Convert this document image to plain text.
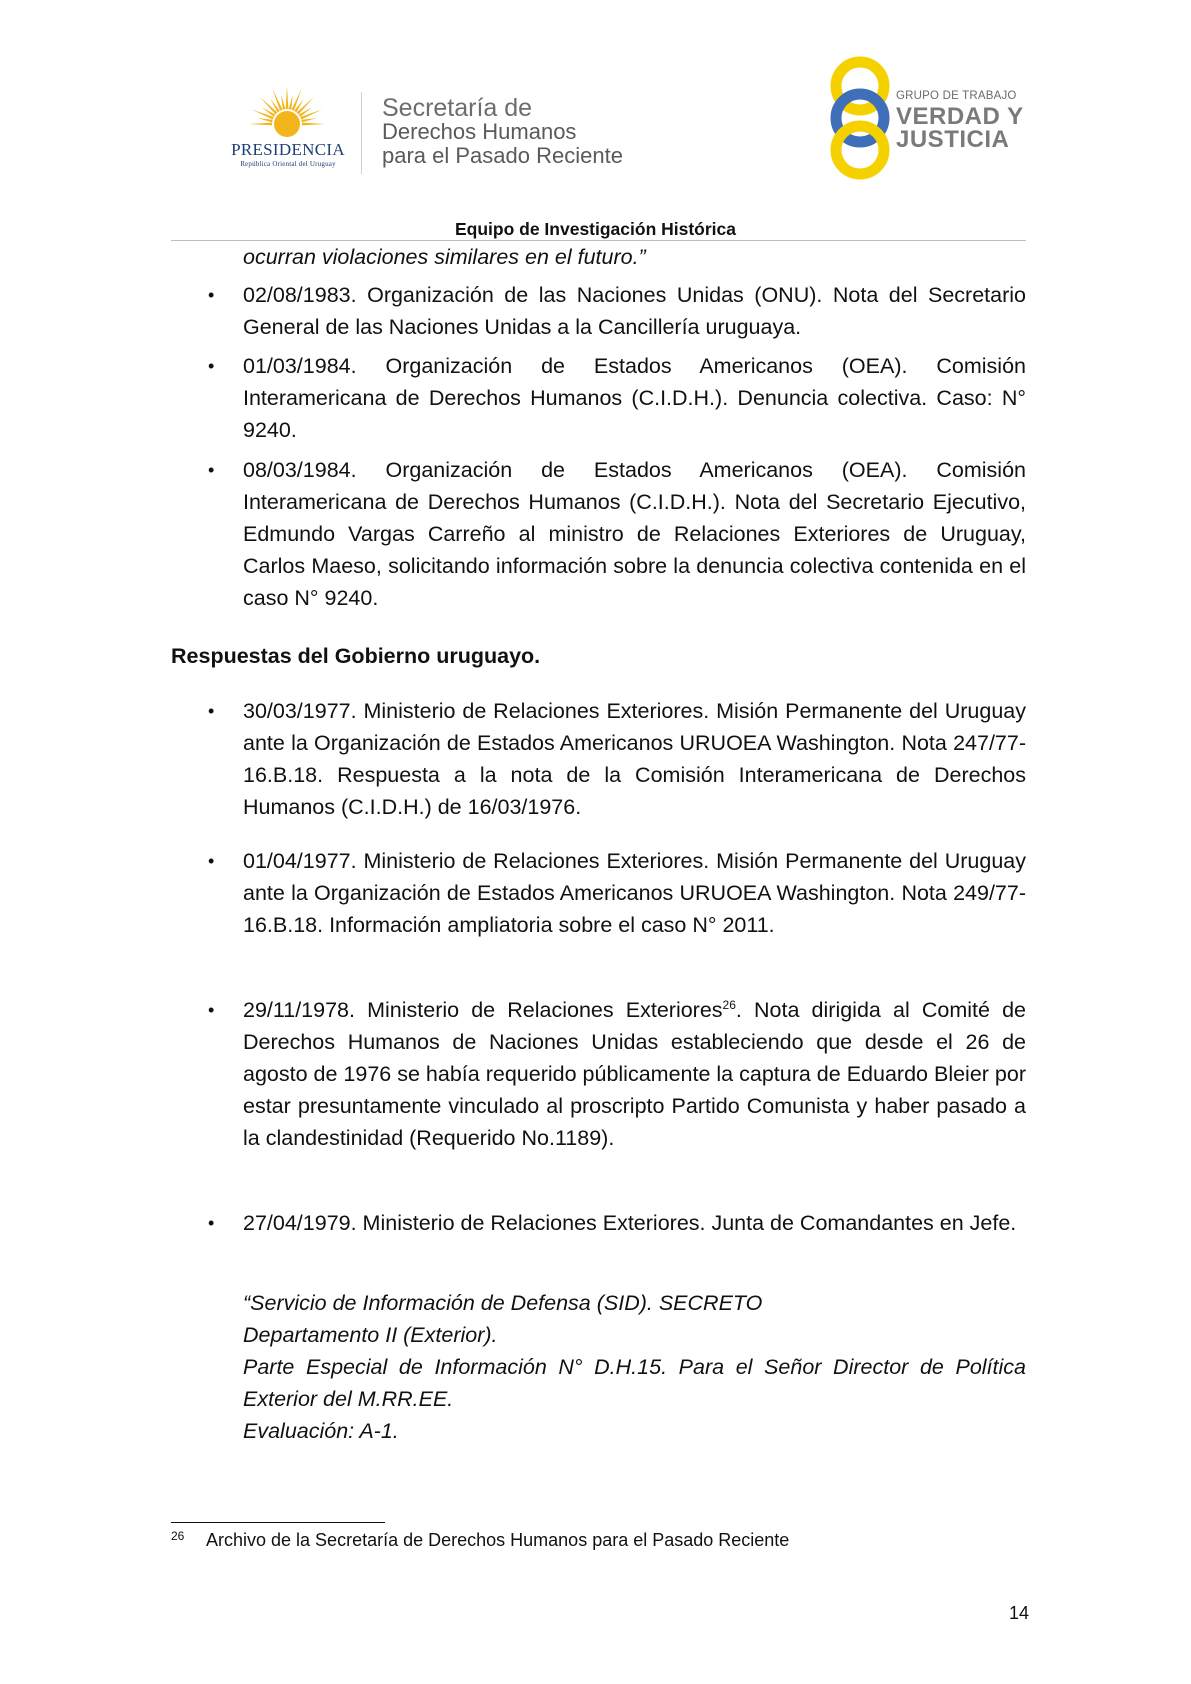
PRESIDENCIA
República Oriental del Uruguay
Secretaría de
Derechos Humanos
para el Pasado Reciente
GRUPO DE TRABAJO
VERDAD Y
JUSTICIA
Equipo de Investigación Histórica
ocurran violaciones similares en el futuro.”
• 02/08/1983. Organización de las Naciones Unidas (ONU). Nota del Secretario General de las Naciones Unidas a la Cancillería uruguaya.
• 01/03/1984. Organización de Estados Americanos (OEA). Comisión Interamericana de Derechos Humanos (C.I.D.H.). Denuncia colectiva. Caso: N° 9240.
• 08/03/1984. Organización de Estados Americanos (OEA). Comisión Interamericana de Derechos Humanos (C.I.D.H.). Nota del Secretario Ejecutivo, Edmundo Vargas Carreño al ministro de Relaciones Exteriores de Uruguay, Carlos Maeso, solicitando información sobre la denuncia colectiva contenida en el caso N° 9240.
Respuestas del Gobierno uruguayo.
• 30/03/1977. Ministerio de Relaciones Exteriores. Misión Permanente del Uruguay ante la Organización de Estados Americanos URUOEA Washington. Nota 247/77-16.B.18. Respuesta a la nota de la Comisión Interamericana de Derechos Humanos (C.I.D.H.) de 16/03/1976.
• 01/04/1977. Ministerio de Relaciones Exteriores. Misión Permanente del Uruguay ante la Organización de Estados Americanos URUOEA Washington. Nota 249/77-16.B.18. Información ampliatoria sobre el caso N° 2011.
• 29/11/1978. Ministerio de Relaciones Exteriores$^{26}$. Nota dirigida al Comité de Derechos Humanos de Naciones Unidas estableciendo que desde el 26 de agosto de 1976 se había requerido públicamente la captura de Eduardo Bleier por estar presuntamente vinculado al proscripto Partido Comunista y haber pasado a la clandestinidad (Requerido No.1189).
• 27/04/1979. Ministerio de Relaciones Exteriores. Junta de Comandantes en Jefe.
“Servicio de Información de Defensa (SID). SECRETO
Departamento II (Exterior).
Parte Especial de Información N° D.H.15. Para el Señor Director de Política Exterior del M.RR.EE.
Evaluación: A-1.
26 Archivo de la Secretaría de Derechos Humanos para el Pasado Reciente
14
